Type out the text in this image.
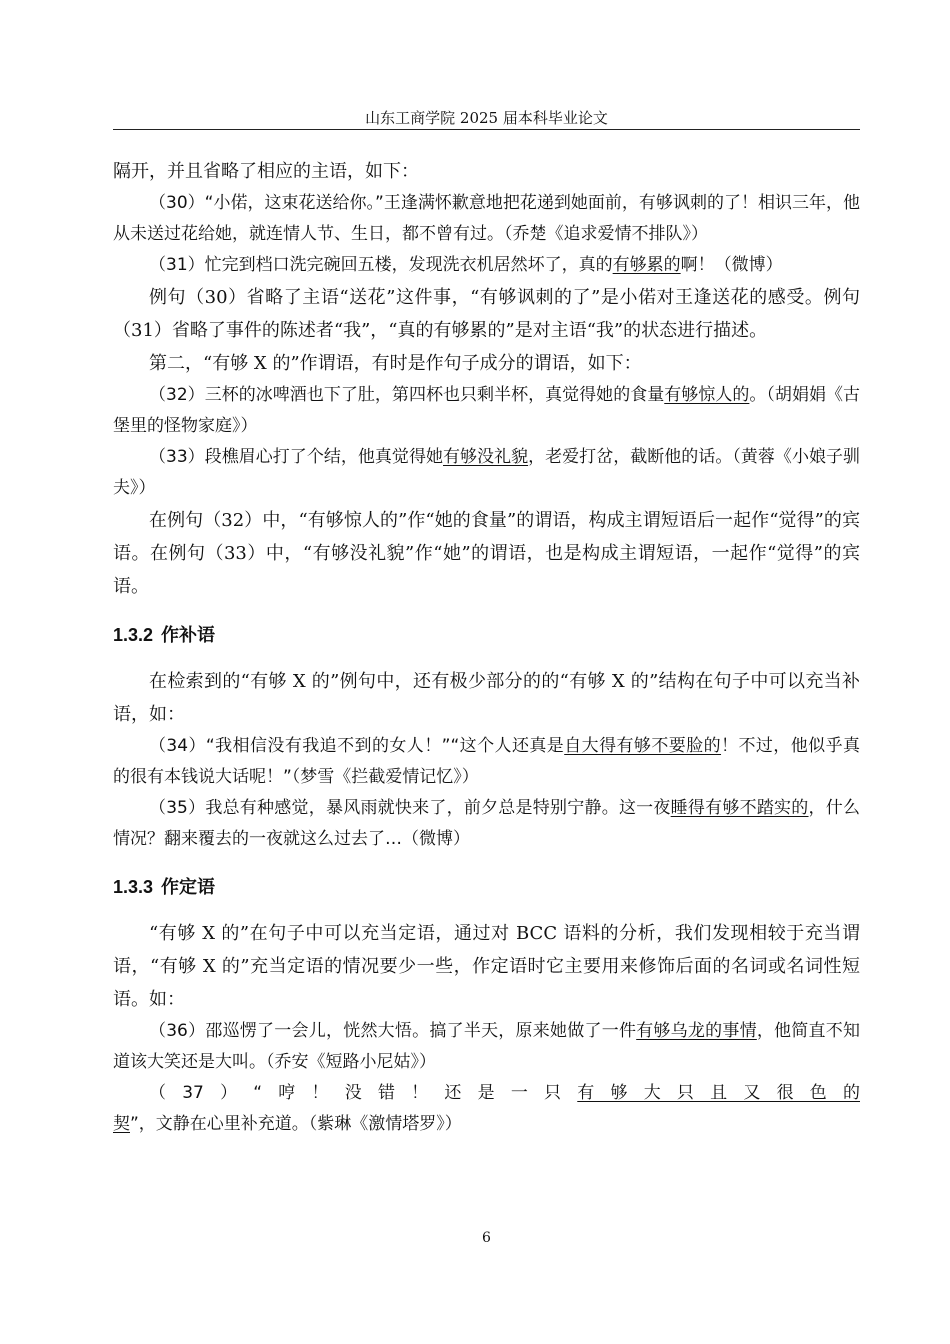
山东工商学院 2025 届本科毕业论文

隔开，并且省略了相应的主语，如下：

（30）“小偌，这束花送给你。”王逢满怀歉意地把花递到她面前，有够讽刺的了！相识三年，他从未送过花给她，就连情人节、生日，都不曾有过。（乔楚《追求爱情不排队》）

（31）忙完到档口洗完碗回五楼，发现洗衣机居然坏了，真的有够累的啊！（微博）

例句（30）省略了主语“送花”这件事，“有够讽刺的了”是小偌对王逢送花的感受。例句（31）省略了事件的陈述者“我”，“真的有够累的”是对主语“我”的状态进行描述。

第二，“有够 X 的”作谓语，有时是作句子成分的谓语，如下：

（32）三杯的冰啤酒也下了肚，第四杯也只剩半杯，真觉得她的食量有够惊人的。（胡娟娟《古堡里的怪物家庭》）

（33）段樵眉心打了个结，他真觉得她有够没礼貌，老爱打岔，截断他的话。（黄蓉《小娘子驯夫》）

在例句（32）中，“有够惊人的”作“她的食量”的谓语，构成主谓短语后一起作“觉得”的宾语。在例句（33）中，“有够没礼貌”作“她”的谓语，也是构成主谓短语，一起作“觉得”的宾语。

1.3.2 作补语

在检索到的“有够 X 的”例句中，还有极少部分的的“有够 X 的”结构在句子中可以充当补语，如：

（34）“我相信没有我追不到的女人！”“这个人还真是自大得有够不要脸的！不过，他似乎真的很有本钱说大话呢！”（梦雪《拦截爱情记忆》）

（35）我总有种感觉，暴风雨就快来了，前夕总是特别宁静。这一夜睡得有够不踏实的，什么情况？翻来覆去的一夜就这么过去了…（微博）

1.3.3 作定语

“有够 X 的”在句子中可以充当定语，通过对 BCC 语料的分析，我们发现相较于充当谓语，“有够 X 的”充当定语的情况要少一些，作定语时它主要用来修饰后面的名词或名词性短语。如：

（36）邵巡愣了一会儿，恍然大悟。搞了半天，原来她做了一件有够乌龙的事情，他简直不知道该大笑还是大叫。（乔安《短路小尼姑》）

（37）“哼！没错！还是一只有够大只且又很色的契”，文静在心里补充道。（紫琳《激情塔罗》）

6
